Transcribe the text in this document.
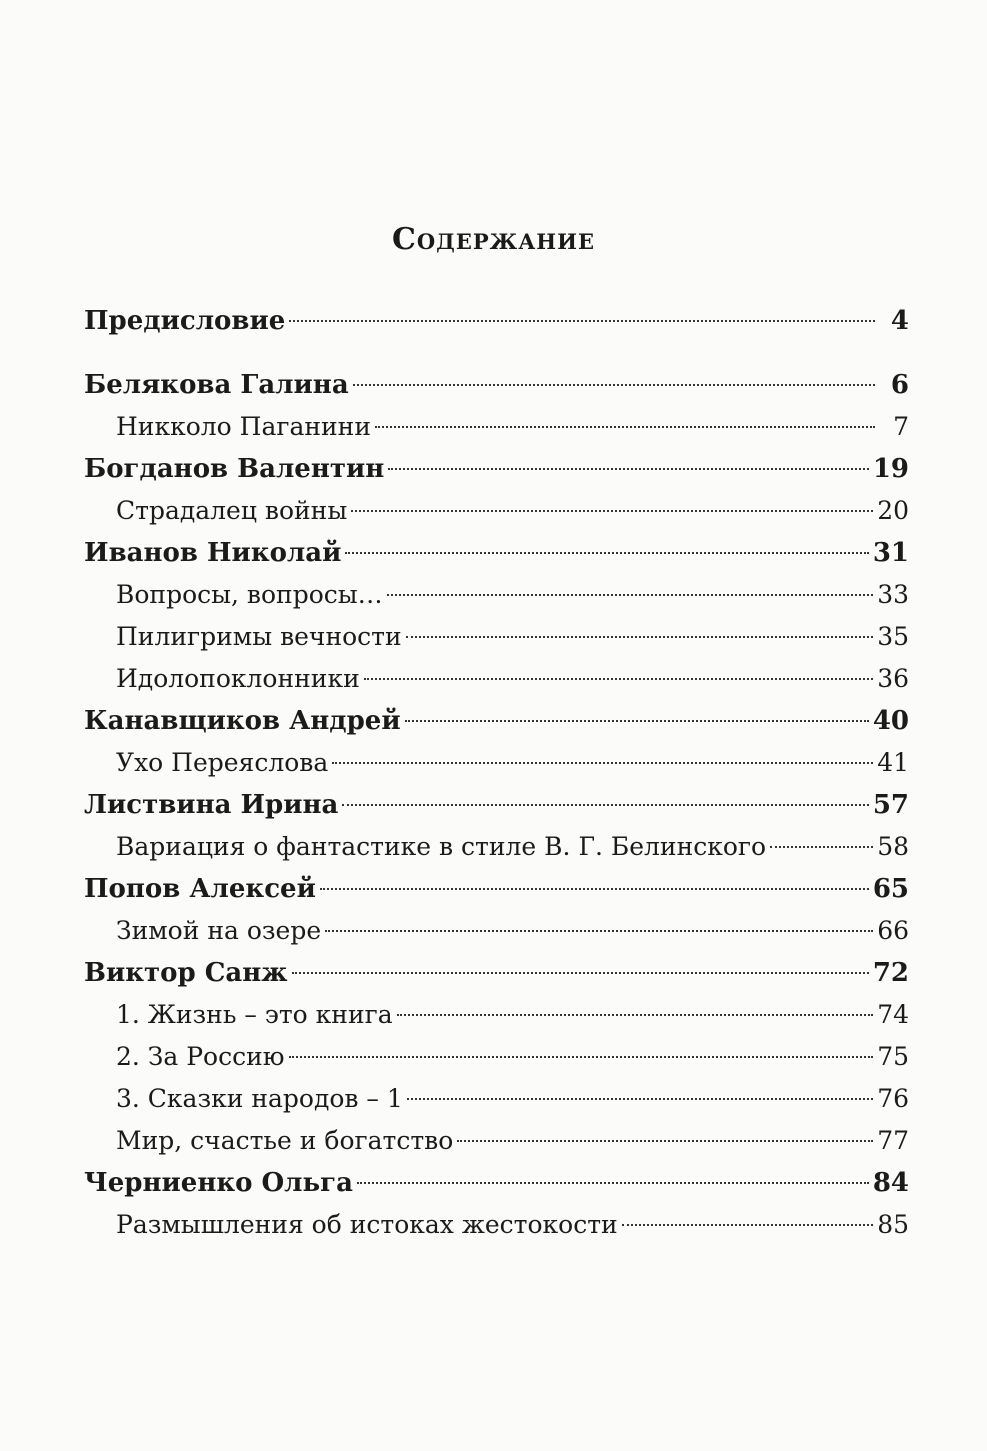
Содержание
Предисловие	4
Белякова Галина	6
Никколо Паганини	7
Богданов Валентин	19
Страдалец войны	20
Иванов Николай	31
Вопросы, вопросы…	33
Пилигримы вечности	35
Идолопоклонники	36
Канавщиков Андрей	40
Ухо Переяслова	41
Листвина Ирина	57
Вариация о фантастике в стиле В. Г. Белинского	58
Попов Алексей	65
Зимой на озере	66
Виктор Санж	72
1. Жизнь – это книга	74
2. За Россию	75
3. Сказки народов – 1	76
Мир, счастье и богатство	77
Черниенко Ольга	84
Размышления об истоках жестокости	85
